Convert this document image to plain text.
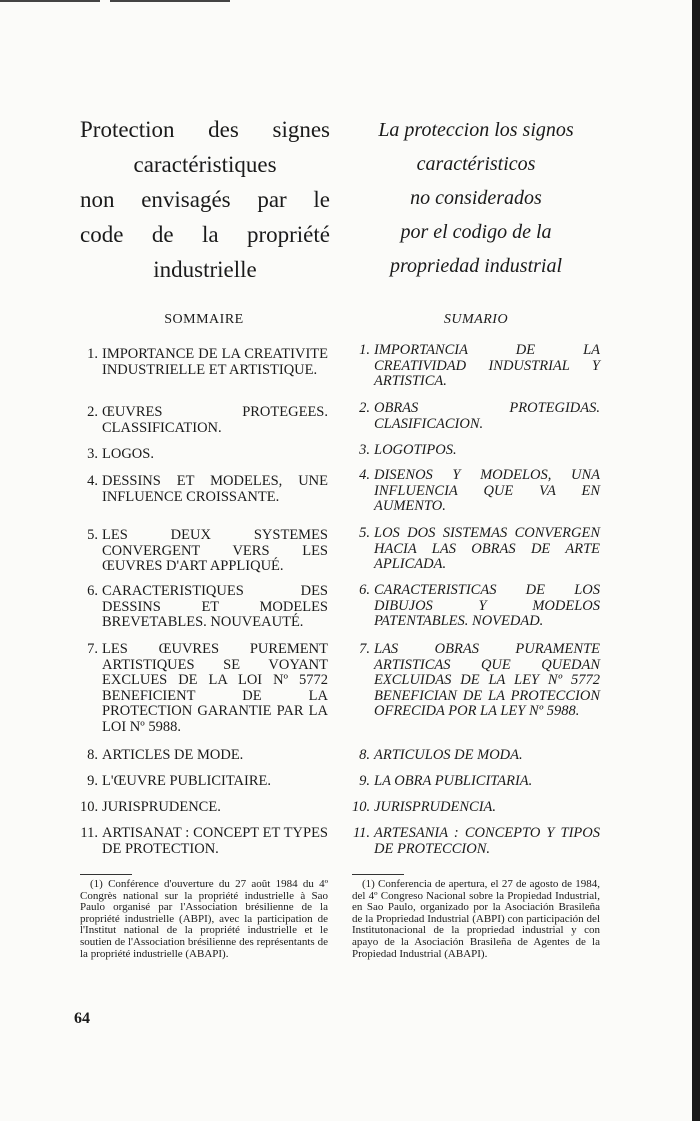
Protection des signes
caractéristiques
non envisagés par le
code de la propriété
industrielle
SOMMAIRE
1. IMPORTANCE DE LA CREATIVITE INDUSTRIELLE ET ARTISTIQUE.
2. ŒUVRES PROTEGEES. CLASSIFICATION.
3. LOGOS.
4. DESSINS ET MODELES, UNE INFLUENCE CROISSANTE.
5. LES DEUX SYSTEMES CONVERGENT VERS LES ŒUVRES D'ART APPLIQUÉ.
6. CARACTERISTIQUES DES DESSINS ET MODELES BREVETABLES. NOUVEAUTÉ.
7. LES ŒUVRES PUREMENT ARTISTIQUES SE VOYANT EXCLUES DE LA LOI Nº 5772 BENEFICIENT DE LA PROTECTION GARANTIE PAR LA LOI Nº 5988.
8. ARTICLES DE MODE.
9. L'ŒUVRE PUBLICITAIRE.
10. JURISPRUDENCE.
11. ARTISANAT : CONCEPT ET TYPES DE PROTECTION.
(1) Conférence d'ouverture du 27 août 1984 du 4º Congrès national sur la propriété industrielle à Sao Paulo organisé par l'Association brésilienne de la propriété industrielle (ABPI), avec la participation de l'Institut national de la propriété industrielle et le soutien de l'Association brésilienne des représentants de la propriété industrielle (ABAPI).
La proteccion los signos
caractéristicos
no considerados
por el codigo de la
propriedad industrial
SUMARIO
1. IMPORTANCIA DE LA CREATIVIDAD INDUSTRIAL Y ARTISTICA.
2. OBRAS PROTEGIDAS. CLASIFICACION.
3. LOGOTIPOS.
4. DISENOS Y MODELOS, UNA INFLUENCIA QUE VA EN AUMENTO.
5. LOS DOS SISTEMAS CONVERGEN HACIA LAS OBRAS DE ARTE APLICADA.
6. CARACTERISTICAS DE LOS DIBUJOS Y MODELOS PATENTABLES. NOVEDAD.
7. LAS OBRAS PURAMENTE ARTISTICAS QUE QUEDAN EXCLUIDAS DE LA LEY Nº 5772 BENEFICIAN DE LA PROTECCION OFRECIDA POR LA LEY Nº 5988.
8. ARTICULOS DE MODA.
9. LA OBRA PUBLICITARIA.
10. JURISPRUDENCIA.
11. ARTESANIA : CONCEPTO Y TIPOS DE PROTECCION.
(1) Conferencia de apertura, el 27 de agosto de 1984, del 4º Congreso Nacional sobre la Propiedad Industrial, en Sao Paulo, organizado por la Asociación Brasileña de la Propriedad Industrial (ABPI) con participación del Institutonacional de la propriedad industrial y con apayo de la Asociación Brasileña de Agentes de la Propiedad Industrial (ABAPI).
64
